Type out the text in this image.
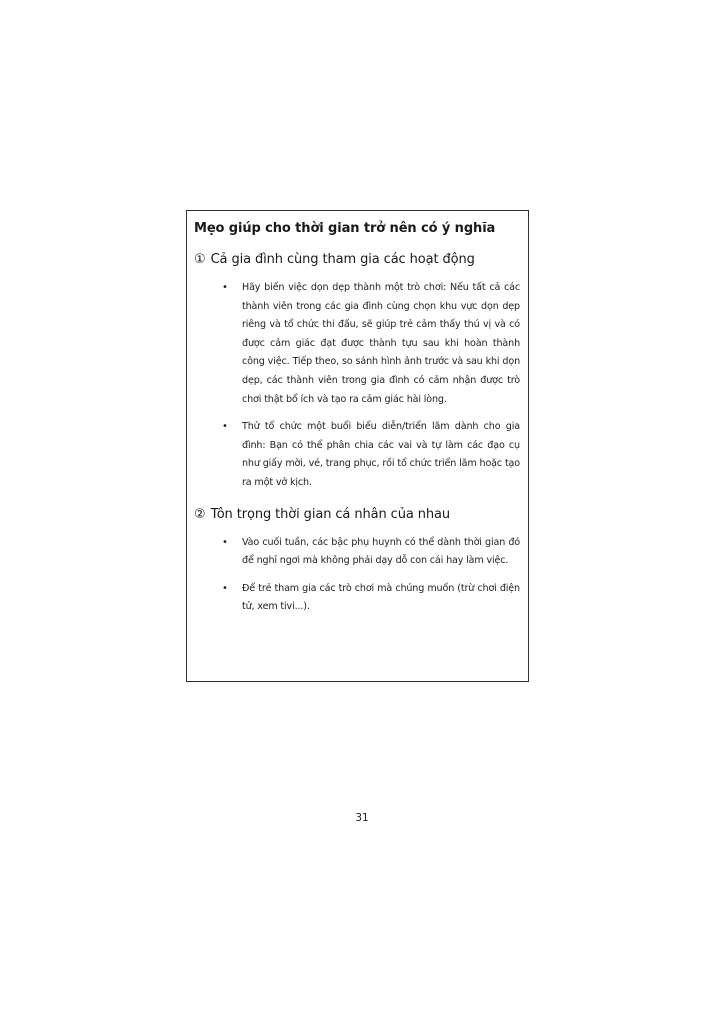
Mẹo giúp cho thời gian trở nên có ý nghĩa
① Cả gia đình cùng tham gia các hoạt động
• Hãy biến việc dọn dẹp thành một trò chơi: Nếu tất cả các thành viên trong các gia đình cùng chọn khu vực dọn dẹp riêng và tổ chức thi đấu, sẽ giúp trẻ cảm thấy thú vị và có được cảm giác đạt được thành tựu sau khi hoàn thành công việc. Tiếp theo, so sánh hình ảnh trước và sau khi dọn dẹp, các thành viên trong gia đình có cảm nhận được trò chơi thật bổ ích và tạo ra cảm giác hài lòng.
• Thử tổ chức một buổi biểu diễn/triển lãm dành cho gia đình: Bạn có thể phân chia các vai và tự làm các đạo cụ như giấy mời, vé, trang phục, rồi tổ chức triển lãm hoặc tạo ra một vở kịch.
② Tôn trọng thời gian cá nhân của nhau
• Vào cuối tuần, các bậc phụ huynh có thể dành thời gian đó để nghỉ ngơi mà không phải dạy dỗ con cái hay làm việc.
• Để trẻ tham gia các trò chơi mà chúng muốn (trừ chơi điện tử, xem tivi...).
31
